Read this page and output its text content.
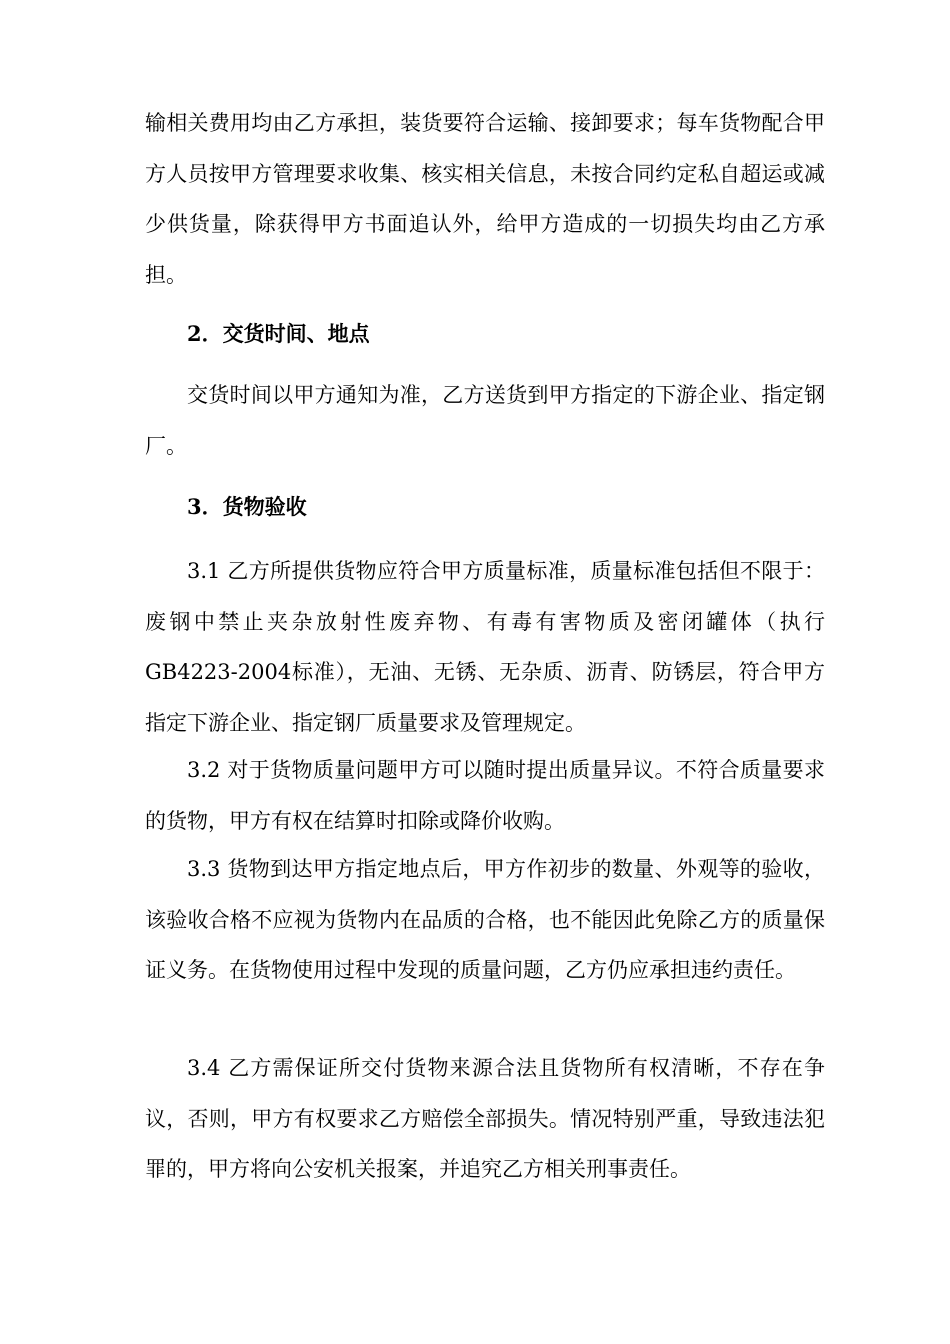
输相关费用均由乙方承担，装货要符合运输、接卸要求；每车货物配合甲方人员按甲方管理要求收集、核实相关信息，未按合同约定私自超运或减少供货量，除获得甲方书面追认外，给甲方造成的一切损失均由乙方承担。

2．交货时间、地点

交货时间以甲方通知为准，乙方送货到甲方指定的下游企业、指定钢厂。

3．货物验收

3.1 乙方所提供货物应符合甲方质量标准，质量标准包括但不限于：废钢中禁止夹杂放射性废弃物、有毒有害物质及密闭罐体（执行GB4223-2004标准），无油、无锈、无杂质、沥青、防锈层，符合甲方指定下游企业、指定钢厂质量要求及管理规定。

3.2 对于货物质量问题甲方可以随时提出质量异议。不符合质量要求的货物，甲方有权在结算时扣除或降价收购。

3.3 货物到达甲方指定地点后，甲方作初步的数量、外观等的验收，该验收合格不应视为货物内在品质的合格，也不能因此免除乙方的质量保证义务。在货物使用过程中发现的质量问题，乙方仍应承担违约责任。

3.4 乙方需保证所交付货物来源合法且货物所有权清晰，不存在争议，否则，甲方有权要求乙方赔偿全部损失。情况特别严重，导致违法犯罪的，甲方将向公安机关报案，并追究乙方相关刑事责任。
